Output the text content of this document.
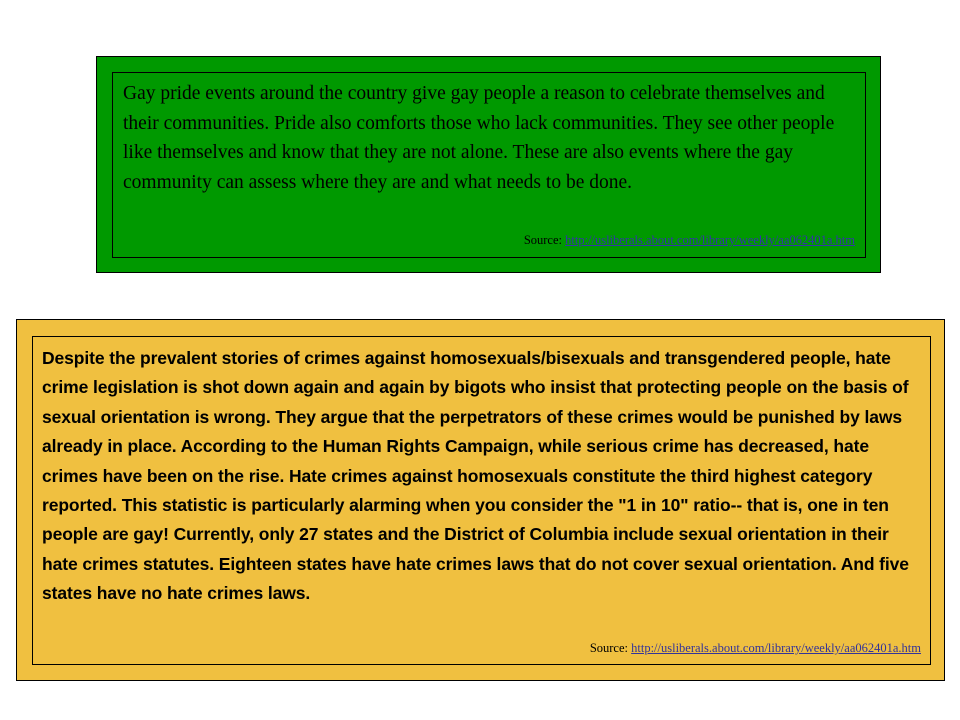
Gay pride events around the country give gay people a reason to celebrate themselves and their communities. Pride also comforts those who lack communities. They see other people like themselves and know that they are not alone. These are also events where the gay community can assess where they are and what needs to be done.

Source: http://usliberals.about.com/library/weekly/aa062401a.htm

Despite the prevalent stories of crimes against homosexuals/bisexuals and transgendered people, hate crime legislation is shot down again and again by bigots who insist that protecting people on the basis of sexual orientation is wrong. They argue that the perpetrators of these crimes would be punished by laws already in place. According to the Human Rights Campaign, while serious crime has decreased, hate crimes have been on the rise. Hate crimes against homosexuals constitute the third highest category reported. This statistic is particularly alarming when you consider the "1 in 10" ratio-- that is, one in ten people are gay! Currently, only 27 states and the District of Columbia include sexual orientation in their hate crimes statutes. Eighteen states have hate crimes laws that do not cover sexual orientation. And five states have no hate crimes laws.

Source: http://usliberals.about.com/library/weekly/aa062401a.htm
